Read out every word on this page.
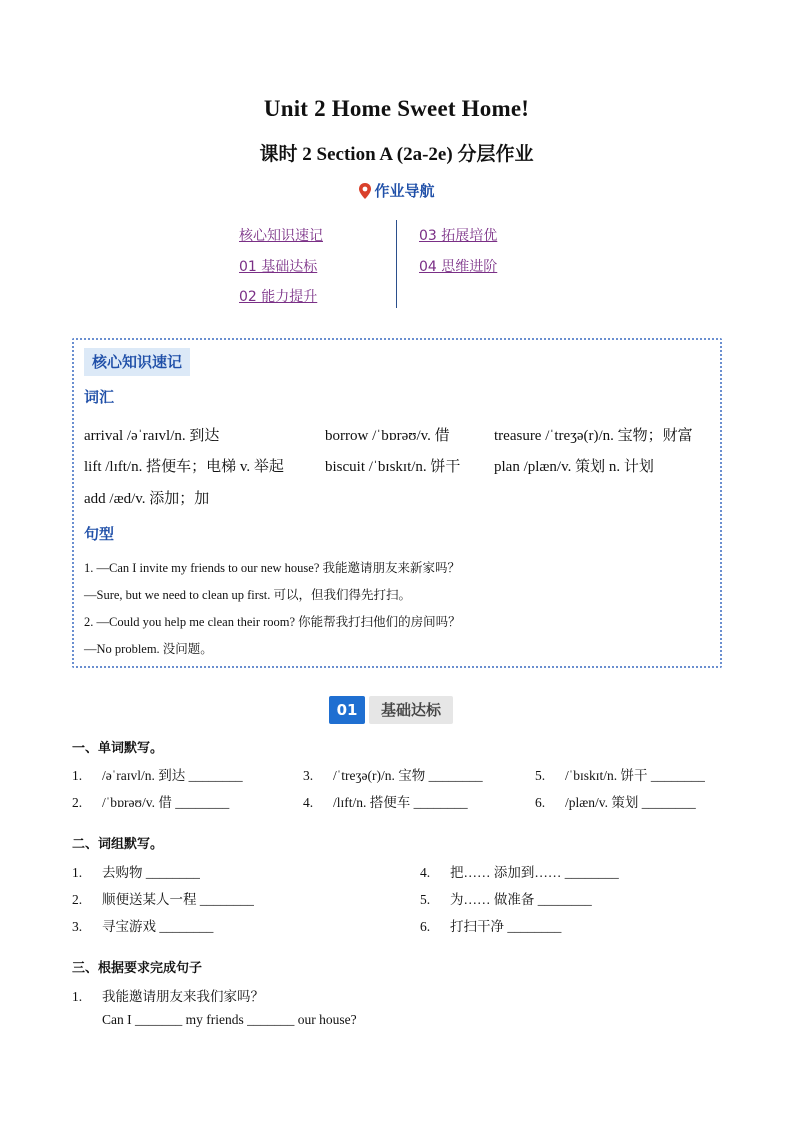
Unit 2 Home Sweet Home!
课时 2 Section A (2a-2e) 分层作业
作业导航
核心知识速记
01 基础达标
02 能力提升
03 拓展培优
04 思维进阶
核心知识速记
词汇
arrival /əˈraɪvl/n. 到达	borrow /ˈbɒrəʊ/v. 借	treasure /ˈtreʒə(r)/n. 宝物；财富
lift /lɪft/n. 搭便车；电梯 v. 举起	biscuit /ˈbɪskɪt/n. 饼干 plan /plæn/v. 策划 n. 计划
add /æd/v. 添加；加
句型
1. —Can I invite my friends to our new house? 我能邀请朋友来新家吗？
—Sure, but we need to clean up first. 可以，但我们得先打扫。
2. —Could you help me clean their room? 你能帮我打扫他们的房间吗？
—No problem. 没问题。
01	基础达标
一、单词默写。
1. /əˈraɪvl/n. 到达 ________	3. /ˈtreʒə(r)/n. 宝物 ________	5. /ˈbɪskɪt/n. 饼干 ________
2. /ˈbɒrəʊ/v. 借 ________	4. /lɪft/n. 搭便车 ________	6. /plæn/v. 策划 ________
二、词组默写。
1. 去购物 ________	4. 把…… 添加到…… ________
2. 顺便送某人一程 ________	5. 为…… 做准备 ________
3. 寻宝游戏 ________	6. 打扫干净 ________
三、根据要求完成句子
1. 我能邀请朋友来我们家吗？
Can I _______ my friends _______ our house?
